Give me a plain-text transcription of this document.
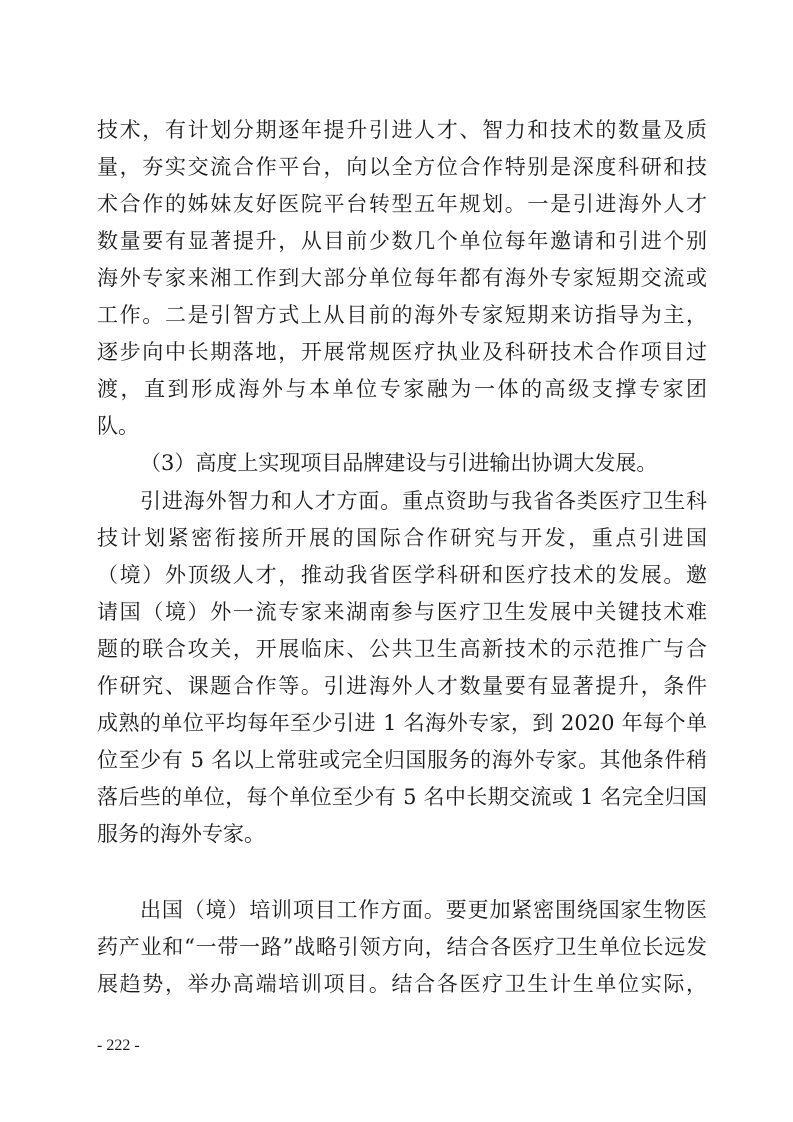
技术，有计划分期逐年提升引进人才、智力和技术的数量及质
量，夯实交流合作平台，向以全方位合作特别是深度科研和技
术合作的姊妹友好医院平台转型五年规划。一是引进海外人才
数量要有显著提升，从目前少数几个单位每年邀请和引进个别
海外专家来湘工作到大部分单位每年都有海外专家短期交流或
工作。二是引智方式上从目前的海外专家短期来访指导为主，
逐步向中长期落地，开展常规医疗执业及科研技术合作项目过
渡，直到形成海外与本单位专家融为一体的高级支撑专家团
队。
（3）高度上实现项目品牌建设与引进输出协调大发展。
引进海外智力和人才方面。重点资助与我省各类医疗卫生科
技计划紧密衔接所开展的国际合作研究与开发，重点引进国
（境）外顶级人才，推动我省医学科研和医疗技术的发展。邀
请国（境）外一流专家来湖南参与医疗卫生发展中关键技术难
题的联合攻关，开展临床、公共卫生高新技术的示范推广与合
作研究、课题合作等。引进海外人才数量要有显著提升，条件
成熟的单位平均每年至少引进 1 名海外专家，到 2020 年每个单
位至少有 5 名以上常驻或完全归国服务的海外专家。其他条件稍
落后些的单位，每个单位至少有 5 名中长期交流或 1 名完全归国
服务的海外专家。
出国（境）培训项目工作方面。要更加紧密围绕国家生物医
药产业和“一带一路”战略引领方向，结合各医疗卫生单位长远发
展趋势，举办高端培训项目。结合各医疗卫生计生单位实际，
- 222 -
